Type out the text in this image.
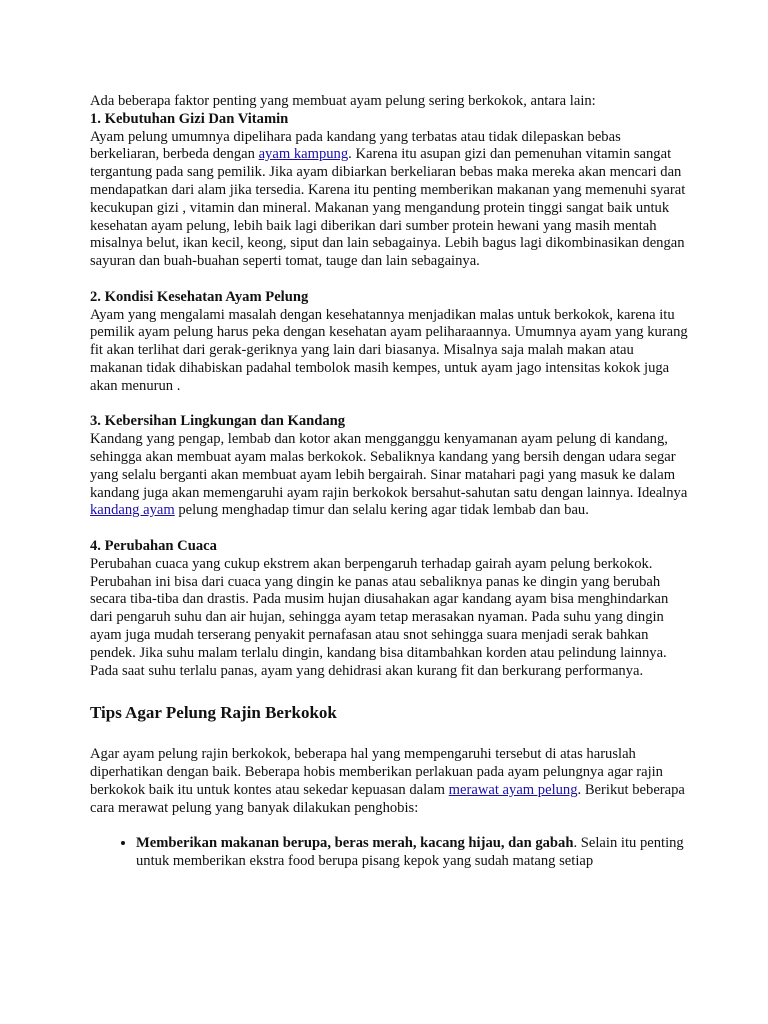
Ada beberapa faktor penting yang membuat ayam pelung sering berkokok, antara lain:

1. Kebutuhan Gizi Dan Vitamin

Ayam pelung umumnya dipelihara pada kandang yang terbatas atau tidak dilepaskan bebas berkeliaran, berbeda dengan ayam kampung. Karena itu asupan gizi dan pemenuhan vitamin sangat tergantung pada sang pemilik. Jika ayam dibiarkan berkeliaran bebas maka mereka akan mencari dan mendapatkan dari alam jika tersedia. Karena itu penting memberikan makanan yang memenuhi syarat kecukupan gizi , vitamin dan mineral. Makanan yang mengandung protein tinggi sangat baik untuk kesehatan ayam pelung, lebih baik lagi diberikan dari sumber protein hewani yang masih mentah misalnya belut, ikan kecil, keong, siput dan lain sebagainya. Lebih bagus lagi dikombinasikan dengan sayuran dan buah-buahan seperti tomat, tauge dan lain sebagainya.

2. Kondisi Kesehatan Ayam Pelung

Ayam yang mengalami masalah dengan kesehatannya menjadikan malas untuk berkokok, karena itu pemilik ayam pelung harus peka dengan kesehatan ayam peliharaannya. Umumnya ayam yang kurang fit akan terlihat dari gerak-geriknya yang lain dari biasanya. Misalnya saja malah makan atau makanan tidak dihabiskan padahal tembolok masih kempes, untuk ayam jago intensitas kokok juga akan menurun .

3. Kebersihan Lingkungan dan Kandang

Kandang yang pengap, lembab dan kotor akan mengganggu kenyamanan ayam pelung di kandang, sehingga akan membuat ayam malas berkokok. Sebaliknya kandang yang bersih dengan udara segar yang selalu berganti akan membuat ayam lebih bergairah. Sinar matahari pagi yang masuk ke dalam kandang juga akan memengaruhi ayam rajin berkokok bersahut-sahutan satu dengan lainnya. Idealnya kandang ayam pelung menghadap timur dan selalu kering agar tidak lembab dan bau.

4. Perubahan Cuaca

Perubahan cuaca yang cukup ekstrem akan berpengaruh terhadap gairah ayam pelung berkokok. Perubahan ini bisa dari cuaca yang dingin ke panas atau sebaliknya panas ke dingin yang berubah secara tiba-tiba dan drastis. Pada musim hujan diusahakan agar kandang ayam bisa menghindarkan dari pengaruh suhu dan air hujan, sehingga ayam tetap merasakan nyaman. Pada suhu yang dingin ayam juga mudah terserang penyakit pernafasan atau snot sehingga suara menjadi serak bahkan pendek. Jika suhu malam terlalu dingin, kandang bisa ditambahkan korden atau pelindung lainnya. Pada saat suhu terlalu panas, ayam yang dehidrasi akan kurang fit dan berkurang performanya.

Tips Agar Pelung Rajin Berkokok

Agar ayam pelung rajin berkokok, beberapa hal yang mempengaruhi tersebut di atas haruslah diperhatikan dengan baik. Beberapa hobis memberikan perlakuan pada ayam pelungnya agar rajin berkokok baik itu untuk kontes atau sekedar kepuasan dalam merawat ayam pelung. Berikut beberapa cara merawat pelung yang banyak dilakukan penghobis:

• Memberikan makanan berupa, beras merah, kacang hijau, dan gabah. Selain itu penting untuk memberikan ekstra food berupa pisang kepok yang sudah matang setiap
